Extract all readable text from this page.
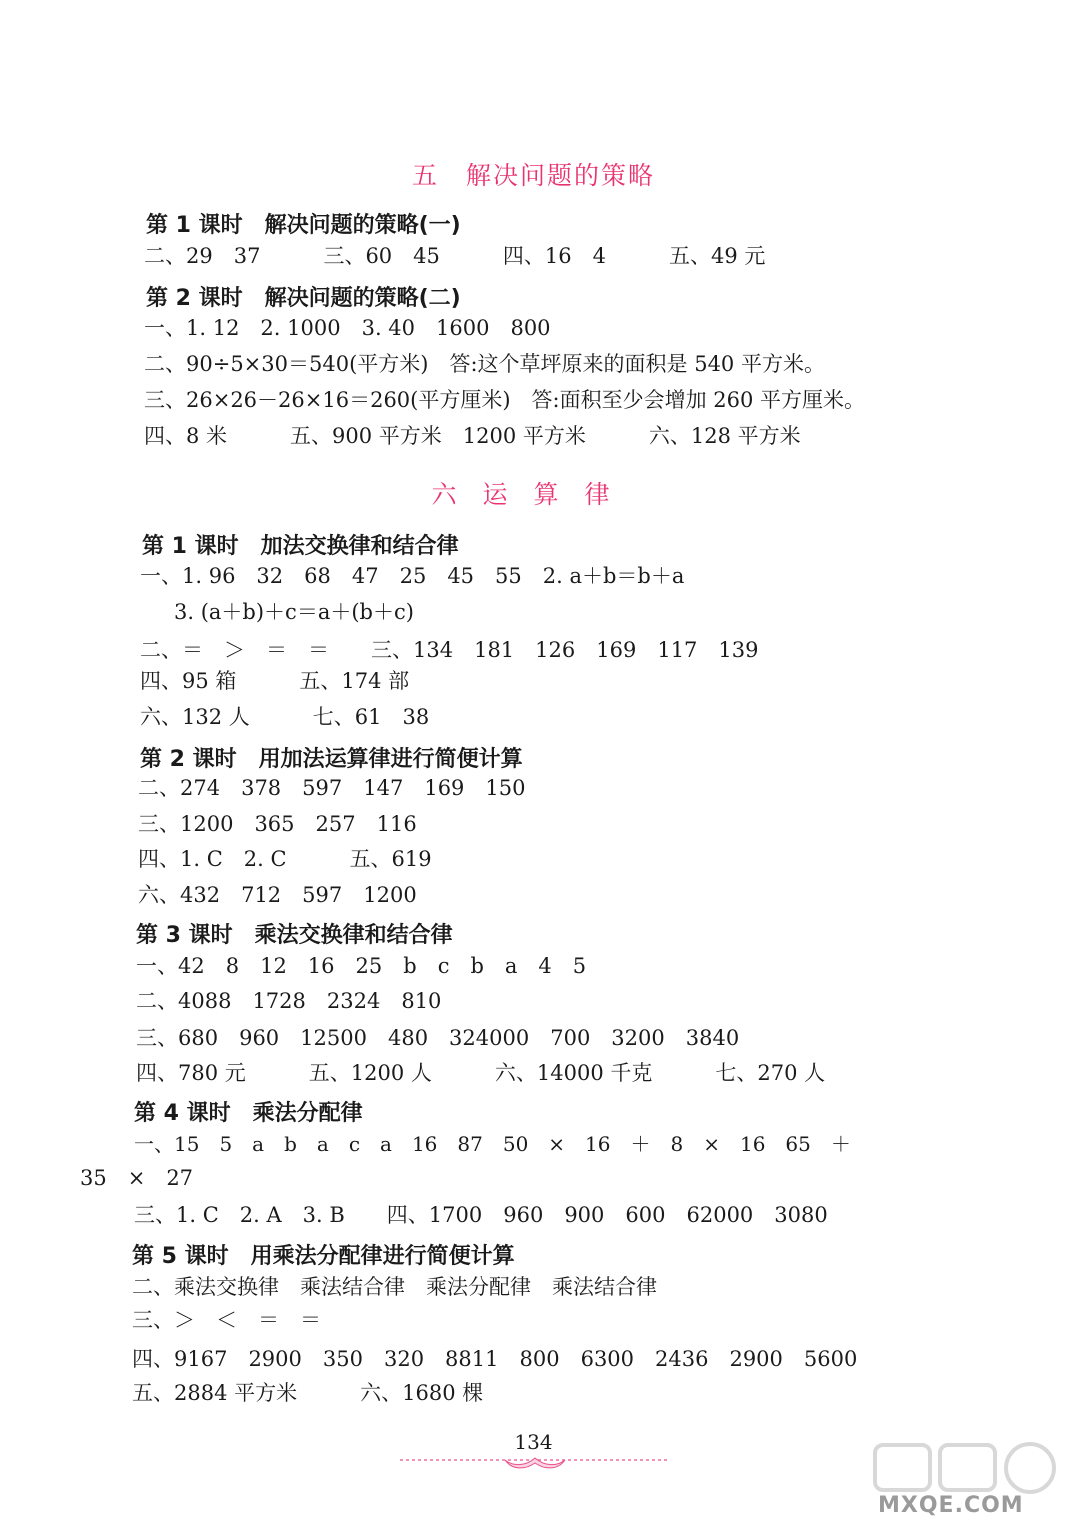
五　解决问题的策略
第 1 课时　解决问题的策略(一)
二、29　37　　　三、60　45　　　四、16　4　　　五、49 元
第 2 课时　解决问题的策略(二)
一、1. 12　2. 1000　3. 40　1600　800
二、90÷5×30＝540(平方米)　答:这个草坪原来的面积是 540 平方米。
三、26×26－26×16＝260(平方厘米)　答:面积至少会增加 260 平方厘米。
四、8 米　　　五、900 平方米　1200 平方米　　　六、128 平方米
六运算律
第 1 课时　加法交换律和结合律
一、1. 96　32　68　47　25　45　55　2. a＋b＝b＋a
3. (a＋b)＋c＝a＋(b＋c)
二、＝　＞　＝　＝　　三、134　181　126　169　117　139
四、95 箱　　　五、174 部
六、132 人　　　七、61　38
第 2 课时　用加法运算律进行简便计算
二、274　378　597　147　169　150
三、1200　365　257　116
四、1. C　2. C　　　五、619
六、432　712　597　1200
第 3 课时　乘法交换律和结合律
一、42　8　12　16　25　b　c　b　a　4　5
二、4088　1728　2324　810
三、680　960　12500　480　324000　700　3200　3840
四、780 元　　　五、1200 人　　　六、14000 千克　　　七、270 人
第 4 课时　乘法分配律
一、15　5　a　b　a　c　a　16　87　50　×　16　＋　8　×　16　65　＋
35　×　27
三、1. C　2. A　3. B　　四、1700　960　900　600　62000　3080
第 5 课时　用乘法分配律进行简便计算
二、乘法交换律　乘法结合律　乘法分配律　乘法结合律
三、＞　＜　＝　＝
四、9167　2900　350　320　8811　800　6300　2436　2900　5600
五、2884 平方米　　　六、1680 棵
134
MXQE.COM
